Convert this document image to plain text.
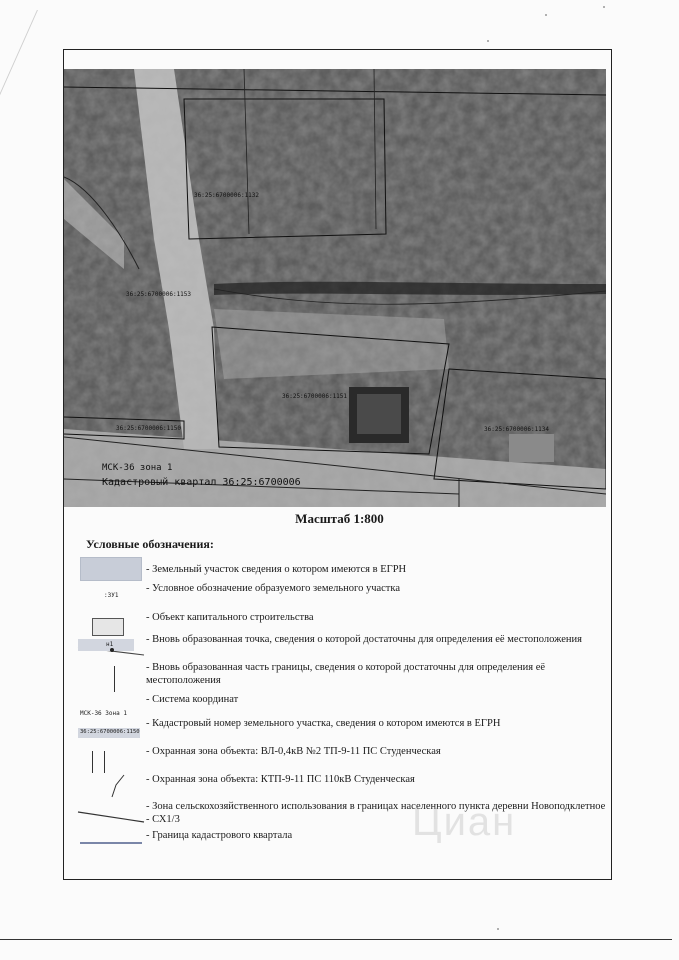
36:25:6700006:1132
36:25:6700006:1153
36:25:6700006:1151
36:25:6700006:1150	36:25:6700006:1134
МСК-36 зона 1
Кадастровый квартал 36:25:6700006
Масштаб 1:800
Условные обозначения:
- Земельный участок сведения о котором имеются в ЕГРН
:ЗУ1
- Условное обозначение образуемого земельного участка
- Объект капитального строительства
н1	- Вновь образованная точка, сведения о которой достаточны для определения её местоположения
- Вновь образованная часть границы, сведения о которой достаточны для определения её местоположения
- Система координат
МСК-36 Зона 1
36:25:6700006:1150
- Кадастровый номер земельного участка, сведения о котором имеются в ЕГРН
- Охранная зона объекта: ВЛ-0,4кВ №2 ТП-9-11 ПС Студенческая
- Охранная зона объекта: КТП-9-11 ПС 110кВ Студенческая
- Зона сельскохозяйственного использования в границах населенного пункта деревни Новоподклетное - СХ1/3
- Граница кадастрового квартала	Циан
